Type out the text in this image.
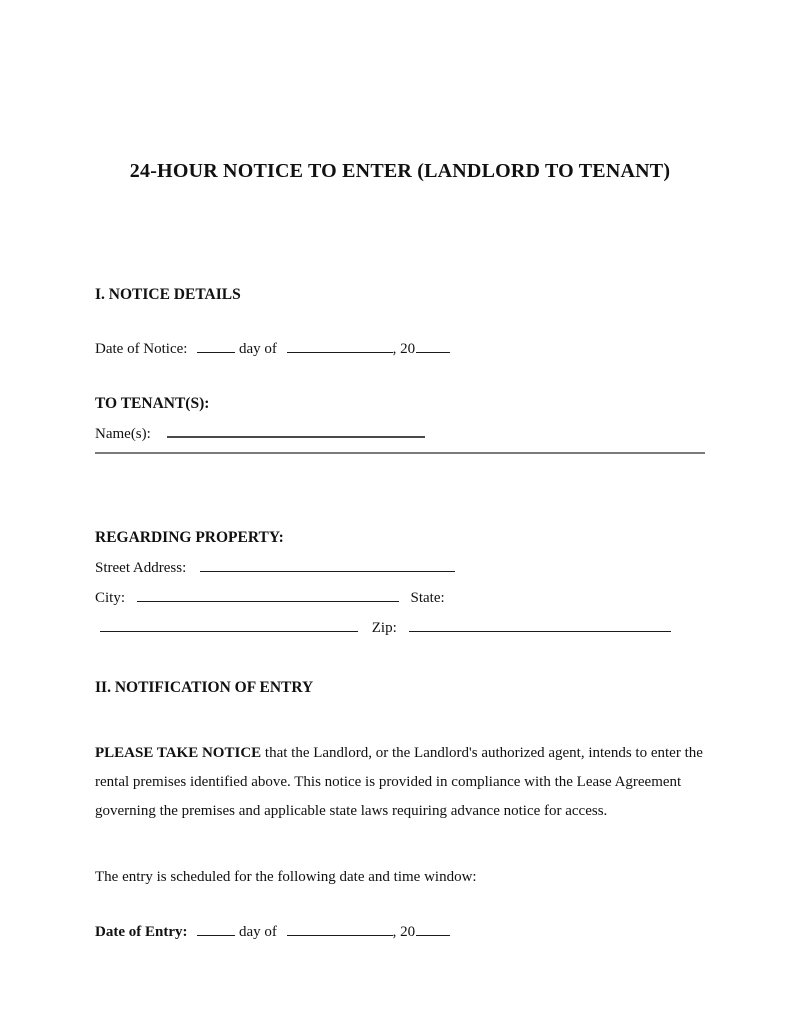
24-HOUR NOTICE TO ENTER (LANDLORD TO TENANT)

I. NOTICE DETAILS

Date of Notice:	day of	, 20

TO TENANT(S):

Name(s):

REGARDING PROPERTY:

Street Address:

City:	State:

Zip:

II. NOTIFICATION OF ENTRY

PLEASE TAKE NOTICE that the Landlord, or the Landlord's authorized agent, intends to enter the rental premises identified above. This notice is provided in compliance with the Lease Agreement governing the premises and applicable state laws requiring advance notice for access.

The entry is scheduled for the following date and time window:

Date of Entry:	day of	, 20
